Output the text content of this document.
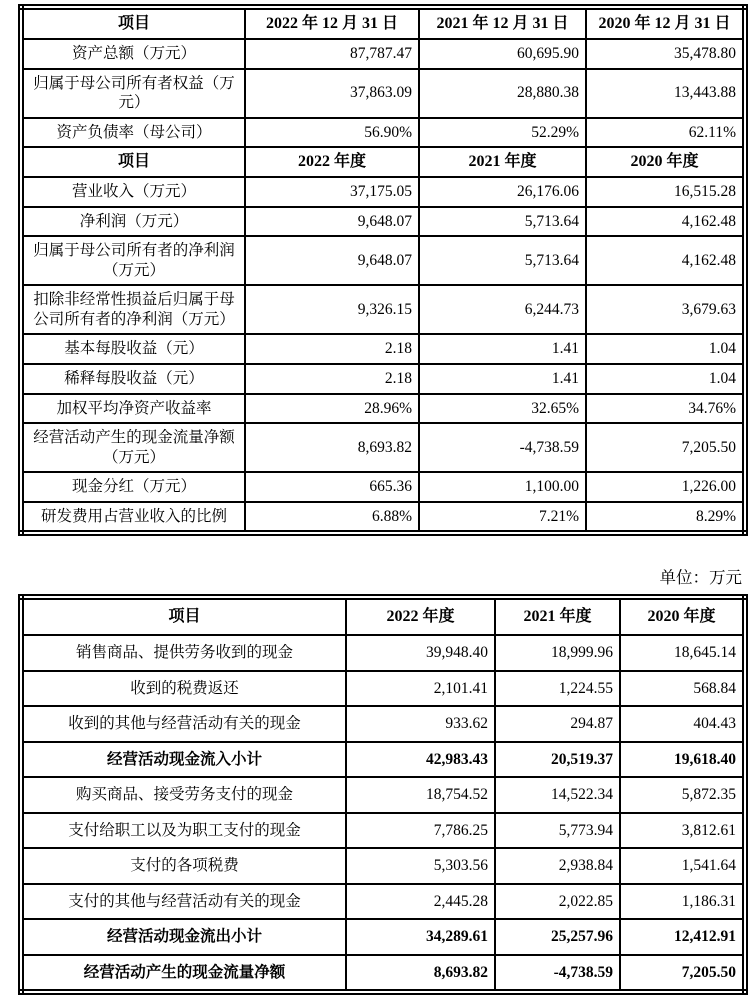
项目	2022 年 12 月 31 日	2021 年 12 月 31 日	2020 年 12 月 31 日
资产总额（万元）	87,787.47	60,695.90	35,478.80
归属于母公司所有者权益（万元）	37,863.09	28,880.38	13,443.88
资产负债率（母公司）	56.90%	52.29%	62.11%
项目	2022 年度	2021 年度	2020 年度
营业收入（万元）	37,175.05	26,176.06	16,515.28
净利润（万元）	9,648.07	5,713.64	4,162.48
归属于母公司所有者的净利润（万元）	9,648.07	5,713.64	4,162.48
扣除非经常性损益后归属于母公司所有者的净利润（万元）	9,326.15	6,244.73	3,679.63
基本每股收益（元）	2.18	1.41	1.04
稀释每股收益（元）	2.18	1.41	1.04
加权平均净资产收益率	28.96%	32.65%	34.76%
经营活动产生的现金流量净额（万元）	8,693.82	-4,738.59	7,205.50
现金分红（万元）	665.36	1,100.00	1,226.00
研发费用占营业收入的比例	6.88%	7.21%	8.29%
单位：万元
项目	2022 年度	2021 年度	2020 年度
销售商品、提供劳务收到的现金	39,948.40	18,999.96	18,645.14
收到的税费返还	2,101.41	1,224.55	568.84
收到的其他与经营活动有关的现金	933.62	294.87	404.43
经营活动现金流入小计	42,983.43	20,519.37	19,618.40
购买商品、接受劳务支付的现金	18,754.52	14,522.34	5,872.35
支付给职工以及为职工支付的现金	7,786.25	5,773.94	3,812.61
支付的各项税费	5,303.56	2,938.84	1,541.64
支付的其他与经营活动有关的现金	2,445.28	2,022.85	1,186.31
经营活动现金流出小计	34,289.61	25,257.96	12,412.91
经营活动产生的现金流量净额	8,693.82	-4,738.59	7,205.50
